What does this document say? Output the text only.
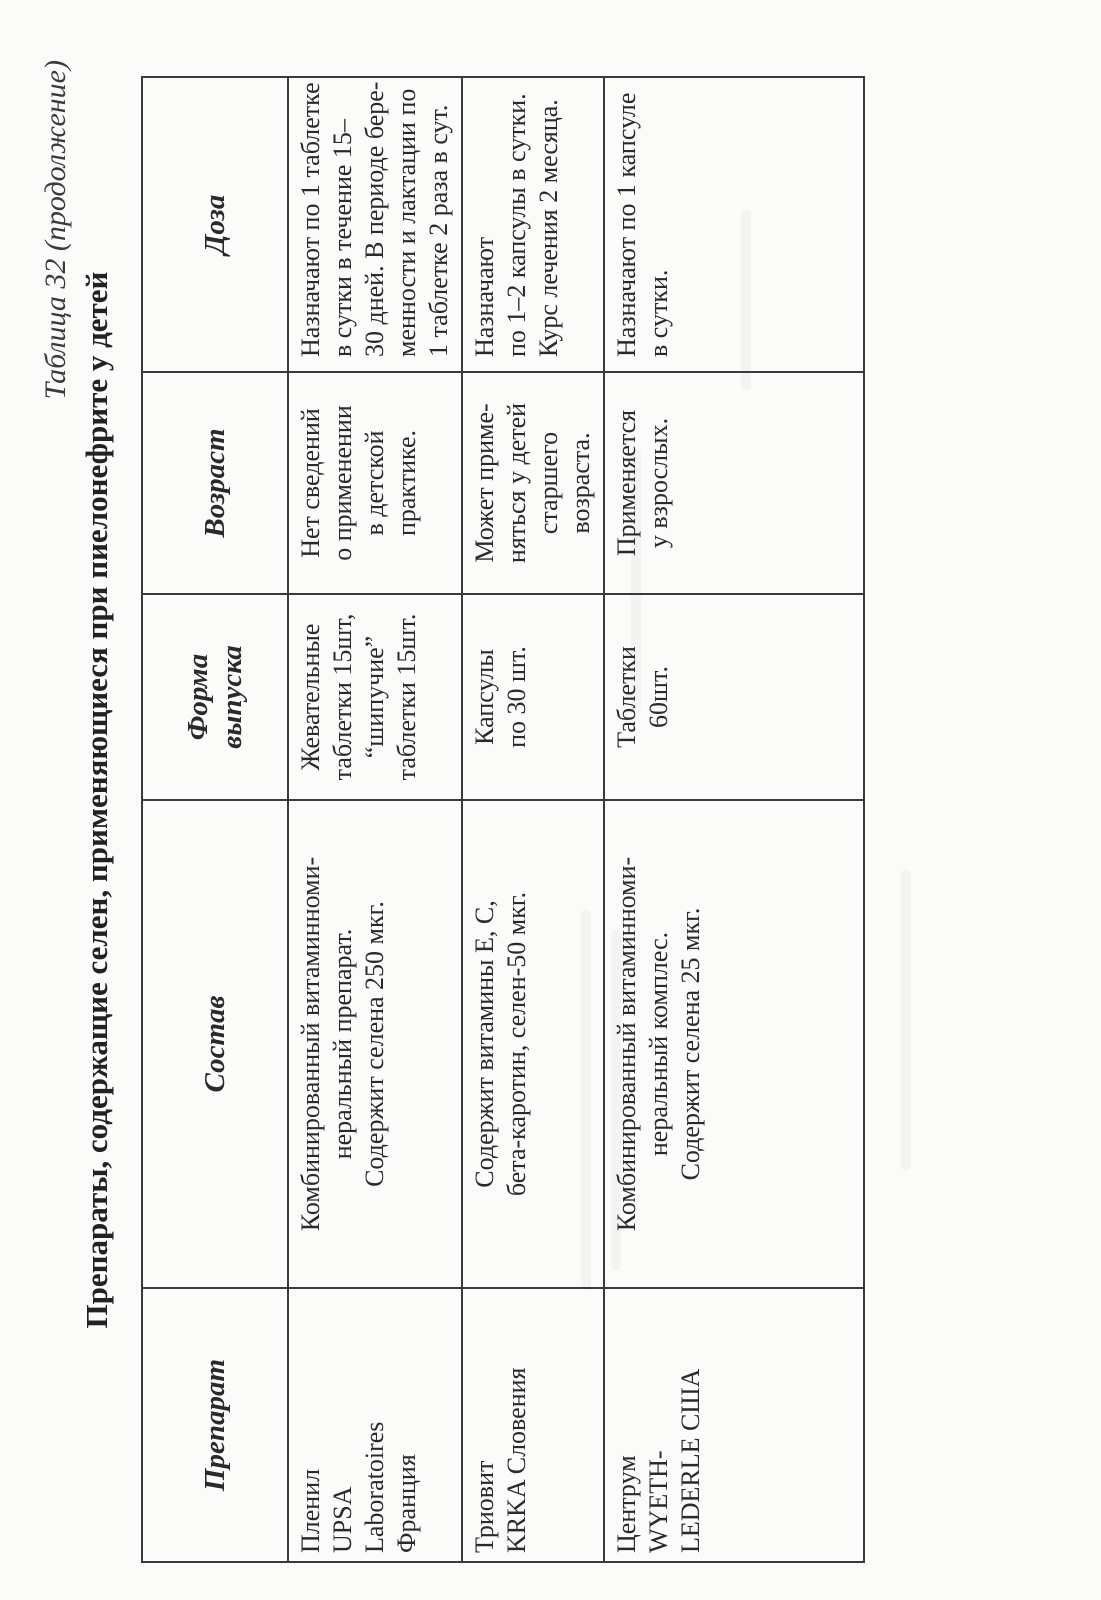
Таблица 32 (продолжение)
Препараты, содержащие селен, применяющиеся при пиелонефрите у детей
Препарат	Состав	Форма выпуска	Возраст	Доза

Пленил UPSA Laboratoires Франция	Комбинированный витаминноми- неральный препарат. Содержит селена 250 мкг.	Жевательные таблетки 15шт, “шипучие” таблетки 15шт.	Нет сведений о применении в детской практике.	Назначают по 1 таблетке в сутки в течение 15– 30 дней. В периоде бере- менности и лактации по 1 таблетке 2 раза в сут.

Триовит KRKA Словения	Содержит витамины Е, С, бета-каротин, селен-50 мкг.	Капсулы по 30 шт.	Может приме- няться у детей старшего возраста.	Назначают по 1–2 капсулы в сутки. Курс лечения 2 месяца.

Центрум WYETH- LEDERLE США	Комбинированный витаминноми- неральный комплес. Содержит селена 25 мкг.	Таблетки 60шт.	Применяется у взрослых.	Назначают по 1 капсуле в сутки.
